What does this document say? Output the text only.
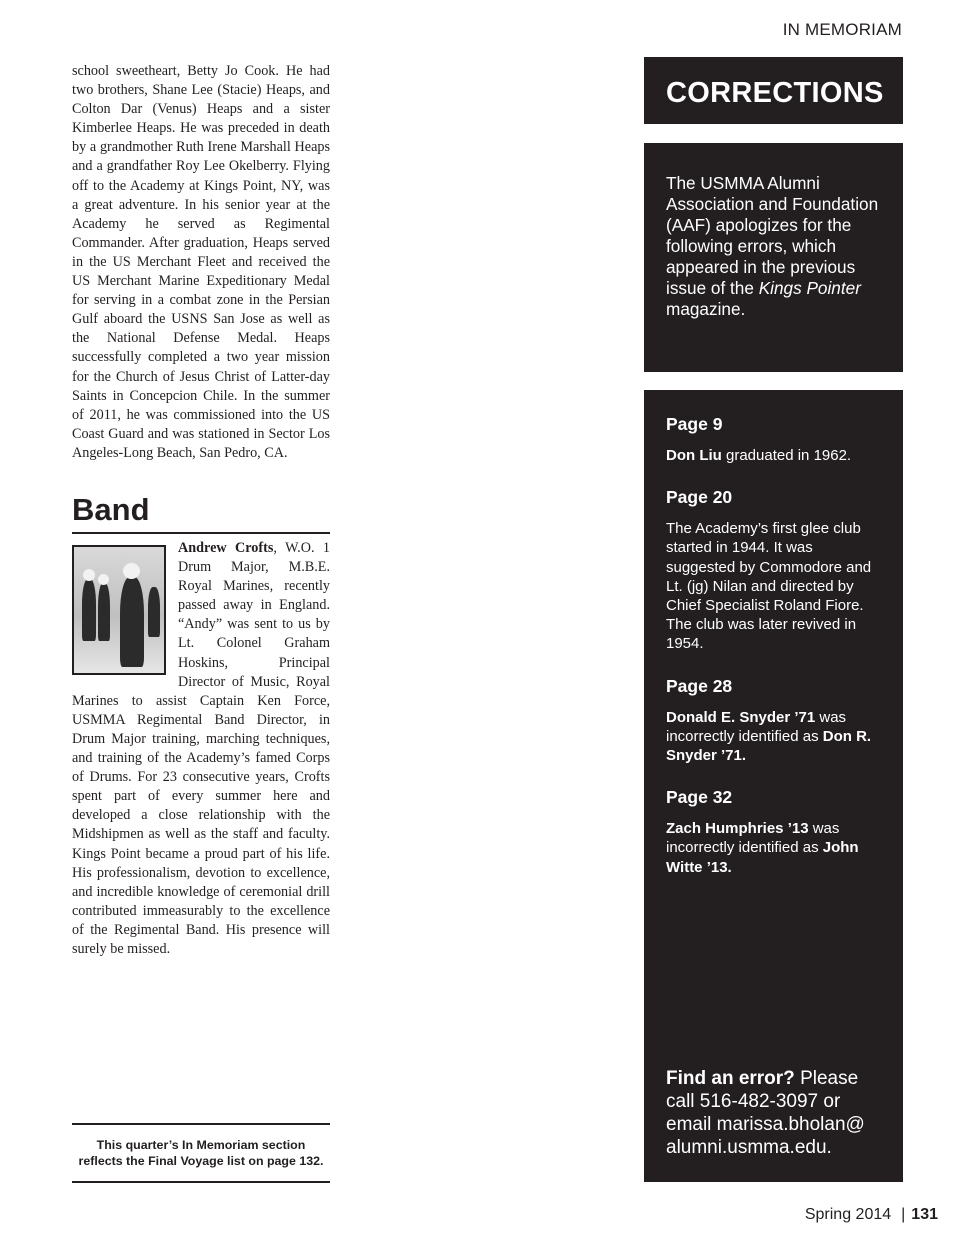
IN MEMORIAM

school sweetheart, Betty Jo Cook. He had two brothers, Shane Lee (Stacie) Heaps, and Colton Dar (Venus) Heaps and a sister Kimberlee Heaps. He was preceded in death by a grandmother Ruth Irene Marshall Heaps and a grandfather Roy Lee Okelberry. Flying off to the Academy at Kings Point, NY, was a great adventure. In his senior year at the Academy he served as Regimental Commander. After graduation, Heaps served in the US Merchant Fleet and received the US Merchant Marine Expeditionary Medal for serving in a combat zone in the Persian Gulf aboard the USNS San Jose as well as the National Defense Medal. Heaps successfully completed a two year mission for the Church of Jesus Christ of Latter-day Saints in Concepcion Chile. In the summer of 2011, he was commissioned into the US Coast Guard and was stationed in Sector Los Angeles-Long Beach, San Pedro, CA.

Band

Andrew Crofts, W.O. 1 Drum Major, M.B.E. Royal Marines, recently passed away in England. “Andy” was sent to us by Lt. Colonel Graham Hoskins, Principal Director of Music, Royal Marines to assist Captain Ken Force, USMMA Regimental Band Director, in Drum Major training, marching techniques, and training of the Academy’s famed Corps of Drums. For 23 consecutive years, Crofts spent part of every summer here and developed a close relationship with the Midshipmen as well as the staff and faculty. Kings Point became a proud part of his life. His professionalism, devotion to excellence, and incredible knowledge of ceremonial drill contributed immeasurably to the excellence of the Regimental Band. His presence will surely be missed.

This quarter’s In Memoriam section
reflects the Final Voyage list on page 132.
CORRECTIONS
The USMMA Alumni Association and Foundation (AAF) apologizes for the following errors, which appeared in the previous issue of the Kings Pointer magazine.
Page 9
Don Liu graduated in 1962.
Page 20
The Academy’s first glee club started in 1944. It was suggested by Commodore and Lt. (jg) Nilan and directed by Chief Specialist Roland Fiore. The club was later revived in 1954.
Page 28
Donald E. Snyder ’71 was incorrectly identified as Don R. Snyder ’71.
Page 32
Zach Humphries ’13 was incorrectly identified as John Witte ’13.
Find an error? Please call 516-482-3097 or email marissa.bholan@ alumni.usmma.edu.
Spring 2014 | 131
